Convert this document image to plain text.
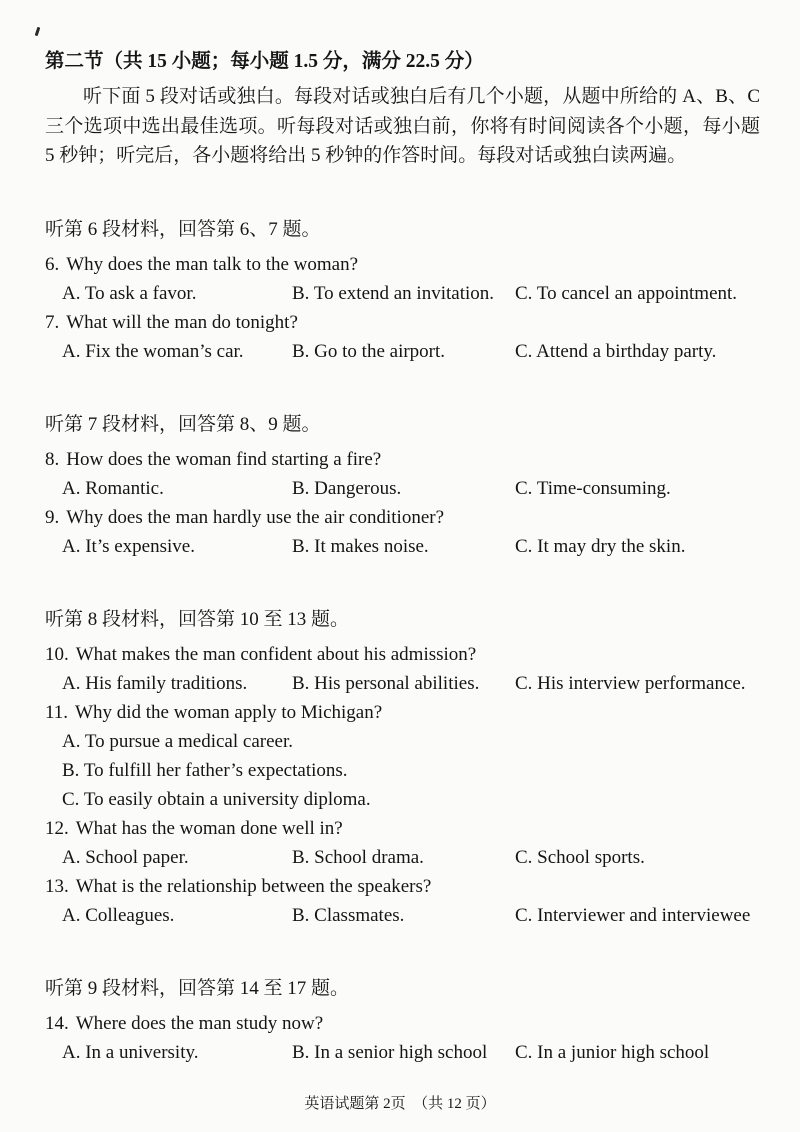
第二节（共 15 小题；每小题 1.5 分，满分 22.5 分）

听下面 5 段对话或独白。每段对话或独白后有几个小题，从题中所给的 A、B、C 三个选项中选出最佳选项。听每段对话或独白前，你将有时间阅读各个小题，每小题 5 秒钟；听完后，各小题将给出 5 秒钟的作答时间。每段对话或独白读两遍。

听第 6 段材料，回答第 6、7 题。
6. Why does the man talk to the woman?
A. To ask a favor.	B. To extend an invitation.	C. To cancel an appointment.
7. What will the man do tonight?
A. Fix the woman’s car.	B. Go to the airport.	C. Attend a birthday party.
听第 7 段材料，回答第 8、9 题。
8. How does the woman find starting a fire?
A. Romantic.	B. Dangerous.	C. Time-consuming.
9. Why does the man hardly use the air conditioner?
A. It’s expensive.	B. It makes noise.	C. It may dry the skin.
听第 8 段材料，回答第 10 至 13 题。
10. What makes the man confident about his admission?
A. His family traditions.	B. His personal abilities.	C. His interview performance.
11. Why did the woman apply to Michigan?
A. To pursue a medical career.
B. To fulfill her father’s expectations.
C. To easily obtain a university diploma.
12. What has the woman done well in?
A. School paper.	B. School drama.	C. School sports.
13. What is the relationship between the speakers?
A. Colleagues.	B. Classmates.	C. Interviewer and interviewee
听第 9 段材料，回答第 14 至 17 题。
14. Where does the man study now?
A. In a university.	B. In a senior high school	C. In a junior high school
英语试题第 2页　（共 12 页）
